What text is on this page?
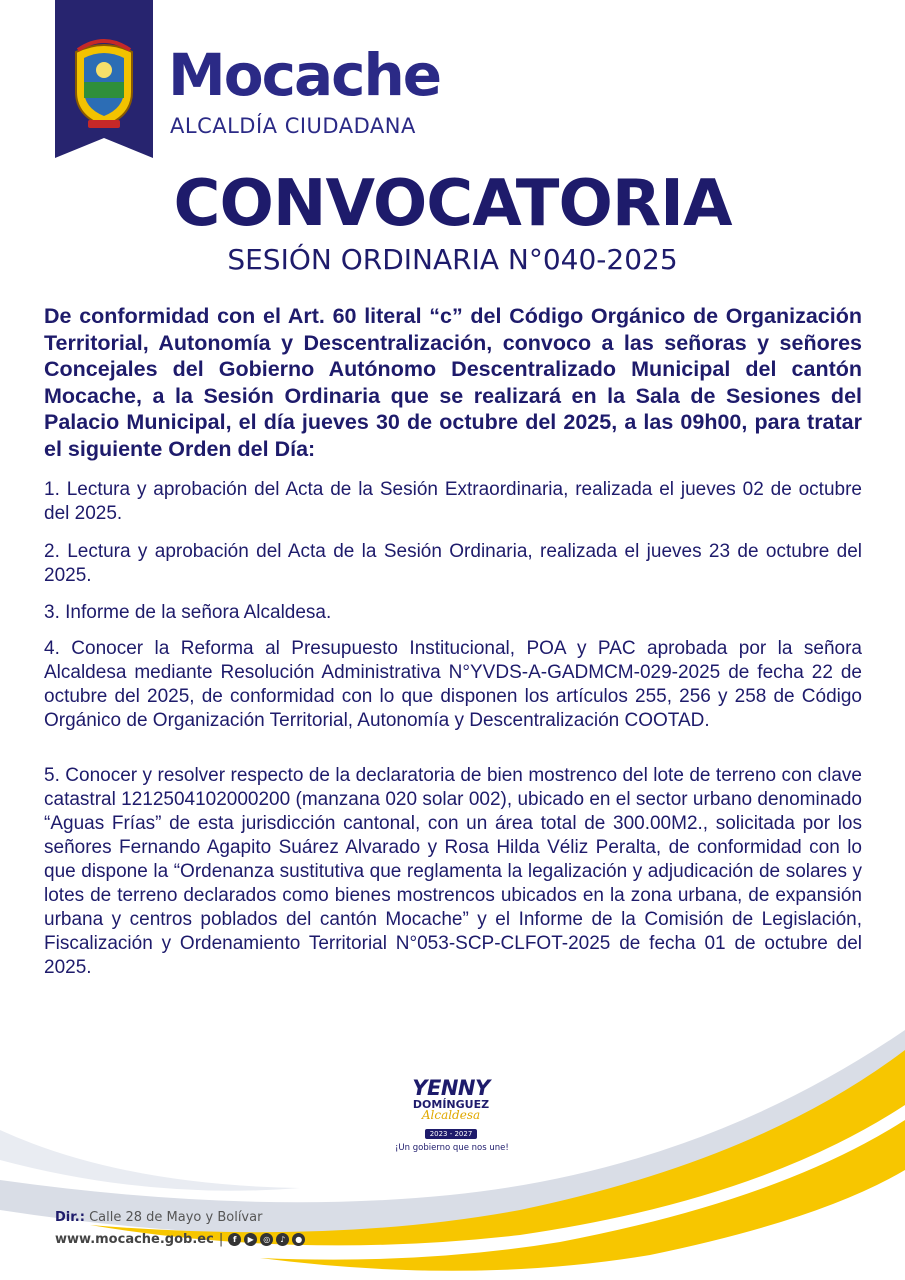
Mocache
ALCALDÍA CIUDADANA
CONVOCATORIA
SESIÓN ORDINARIA N°040-2025
De conformidad con el Art. 60 literal “c” del Código Orgánico de Organización Territorial, Autonomía y Descentralización, convoco a las señoras y señores Concejales del Gobierno Autónomo Descentralizado Municipal del cantón Mocache, a la Sesión Ordinaria que se realizará en la Sala de Sesiones del Palacio Municipal, el día jueves 30 de octubre del 2025, a las 09h00, para tratar el siguiente Orden del Día:
1. Lectura y aprobación del Acta de la Sesión Extraordinaria, realizada el jueves 02 de octubre del 2025.
2. Lectura y aprobación del Acta de la Sesión Ordinaria, realizada el jueves 23 de octubre del 2025.
3. Informe de la señora Alcaldesa.
4. Conocer la Reforma al Presupuesto Institucional, POA y PAC aprobada por la señora Alcaldesa mediante Resolución Administrativa N°YVDS-A-GADMCM-029-2025 de fecha 22 de octubre del 2025, de conformidad con lo que disponen los artículos 255, 256 y 258 de Código Orgánico de Organización Territorial, Autonomía y Descentralización COOTAD.
5. Conocer y resolver respecto de la declaratoria de bien mostrenco del lote de terreno con clave catastral 1212504102000200 (manzana 020 solar 002), ubicado en el sector urbano denominado “Aguas Frías” de esta jurisdicción cantonal, con un área total de 300.00M2., solicitada por los señores Fernando Agapito Suárez Alvarado y Rosa Hilda Véliz Peralta, de conformidad con lo que dispone la “Ordenanza sustitutiva que reglamenta la legalización y adjudicación de solares y lotes de terreno declarados como bienes mostrencos ubicados en la zona urbana, de expansión urbana y centros poblados del cantón Mocache” y el Informe de la Comisión de Legislación, Fiscalización y Ordenamiento Territorial N°053-SCP-CLFOT-2025 de fecha 01 de octubre del 2025.
YENNY
DOMÍNGUEZ
Alcaldesa
2023 - 2027
¡Un gobierno que nos une!
Dir.: Calle 28 de Mayo y Bolívar
www.mocache.gob.ec |	f	▶	◎	♪	●
